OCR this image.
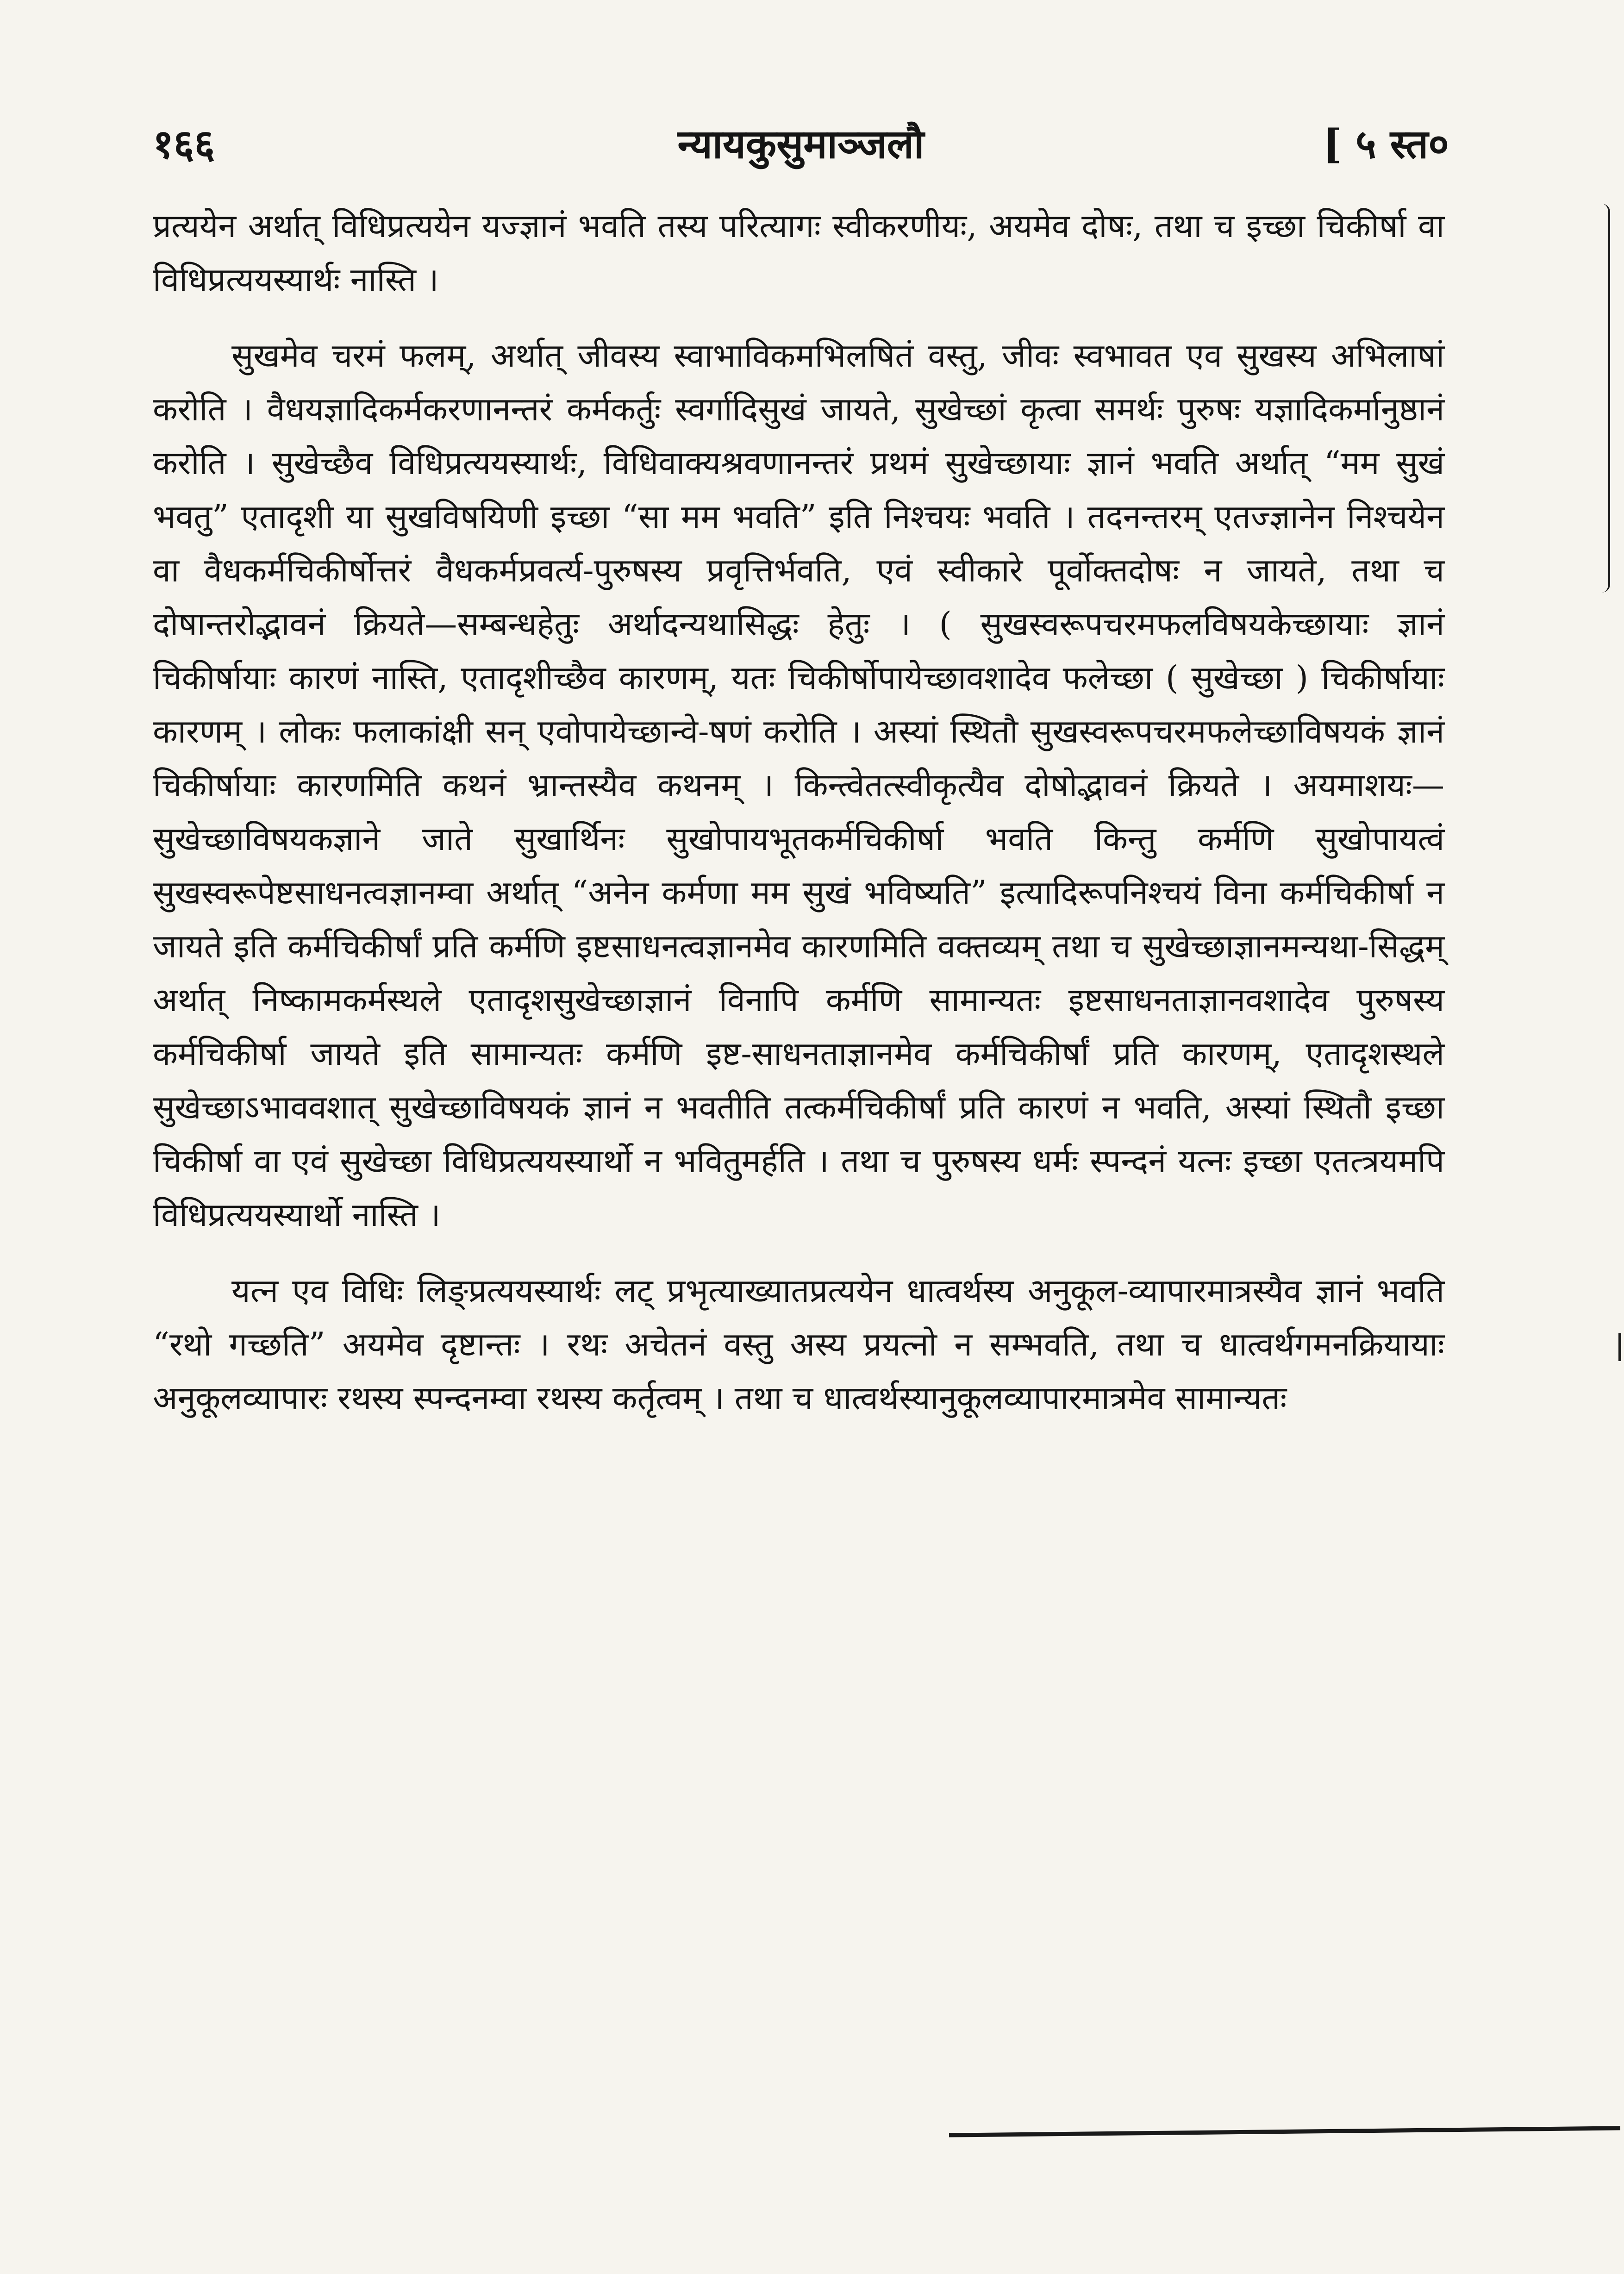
१६६	न्यायकुसुमाञ्जलौ	[ ५ स्त०

प्रत्ययेन अर्थात् विधिप्रत्ययेन यज्ज्ञानं भवति तस्य परित्यागः स्वीकरणीयः, अयमेव दोषः, तथा च इच्छा चिकीर्षा वा विधिप्रत्ययस्यार्थः नास्ति ।

सुखमेव चरमं फलम्, अर्थात् जीवस्य स्वाभाविकमभिलषितं वस्तु, जीवः स्वभावत एव सुखस्य अभिलाषां करोति । वैधयज्ञादिकर्मकरणानन्तरं कर्मकर्तुः स्वर्गादिसुखं जायते, सुखेच्छां कृत्वा समर्थः पुरुषः यज्ञादिकर्मानुष्ठानं करोति । सुखेच्छैव विधिप्रत्ययस्यार्थः, विधिवाक्यश्रवणानन्तरं प्रथमं सुखेच्छायाः ज्ञानं भवति अर्थात् “मम सुखं भवतु” एतादृशी या सुखविषयिणी इच्छा “सा मम भवति” इति निश्चयः भवति । तदनन्तरम् एतज्ज्ञानेन निश्चयेन वा वैधकर्मचिकीर्षोत्तरं वैधकर्मप्रवर्त्य-पुरुषस्य प्रवृत्तिर्भवति, एवं स्वीकारे पूर्वोक्तदोषः न जायते, तथा च दोषान्तरोद्भावनं क्रियते—सम्बन्धहेतुः अर्थादन्यथासिद्धः हेतुः । ( सुखस्वरूपचरमफलविषयकेच्छायाः ज्ञानं चिकीर्षायाः कारणं नास्ति, एतादृशीच्छैव कारणम्, यतः चिकीर्षोपायेच्छावशादेव फलेच्छा ( सुखेच्छा ) चिकीर्षायाः कारणम् । लोकः फलाकांक्षी सन् एवोपायेच्छान्वे-षणं करोति । अस्यां स्थितौ सुखस्वरूपचरमफलेच्छाविषयकं ज्ञानं चिकीर्षायाः कारणमिति कथनं भ्रान्तस्यैव कथनम् । किन्त्वेतत्स्वीकृत्यैव दोषोद्भावनं क्रियते । अयमाशयः—सुखेच्छाविषयकज्ञाने जाते सुखार्थिनः सुखोपायभूतकर्मचिकीर्षा भवति किन्तु कर्मणि सुखोपायत्वं सुखस्वरूपेष्टसाधनत्वज्ञानम्वा अर्थात् “अनेन कर्मणा मम सुखं भविष्यति” इत्यादिरूपनिश्चयं विना कर्मचिकीर्षा न जायते इति कर्मचिकीर्षां प्रति कर्मणि इष्टसाधनत्वज्ञानमेव कारणमिति वक्तव्यम् तथा च सुखेच्छाज्ञानमन्यथा-सिद्धम् अर्थात् निष्कामकर्मस्थले एतादृशसुखेच्छाज्ञानं विनापि कर्मणि सामान्यतः इष्टसाधनताज्ञानवशादेव पुरुषस्य कर्मचिकीर्षा जायते इति सामान्यतः कर्मणि इष्ट-साधनताज्ञानमेव कर्मचिकीर्षां प्रति कारणम्, एतादृशस्थले सुखेच्छाऽभाववशात् सुखेच्छाविषयकं ज्ञानं न भवतीति तत्कर्मचिकीर्षां प्रति कारणं न भवति, अस्यां स्थितौ इच्छा चिकीर्षा वा एवं सुखेच्छा विधिप्रत्ययस्यार्थो न भवितुमर्हति । तथा च पुरुषस्य धर्मः स्पन्दनं यत्नः इच्छा एतत्त्रयमपि विधिप्रत्ययस्यार्थो नास्ति ।

यत्न एव विधिः लिङ्प्रत्ययस्यार्थः लट् प्रभृत्याख्यातप्रत्ययेन धात्वर्थस्य अनुकूल-व्यापारमात्रस्यैव ज्ञानं भवति “रथो गच्छति” अयमेव दृष्टान्तः । रथः अचेतनं वस्तु अस्य प्रयत्नो न सम्भवति, तथा च धात्वर्थगमनक्रियायाः अनुकूलव्यापारः रथस्य स्पन्दनम्वा रथस्य कर्तृत्वम् । तथा च धात्वर्थस्यानुकूलव्यापारमात्रमेव सामान्यतः
